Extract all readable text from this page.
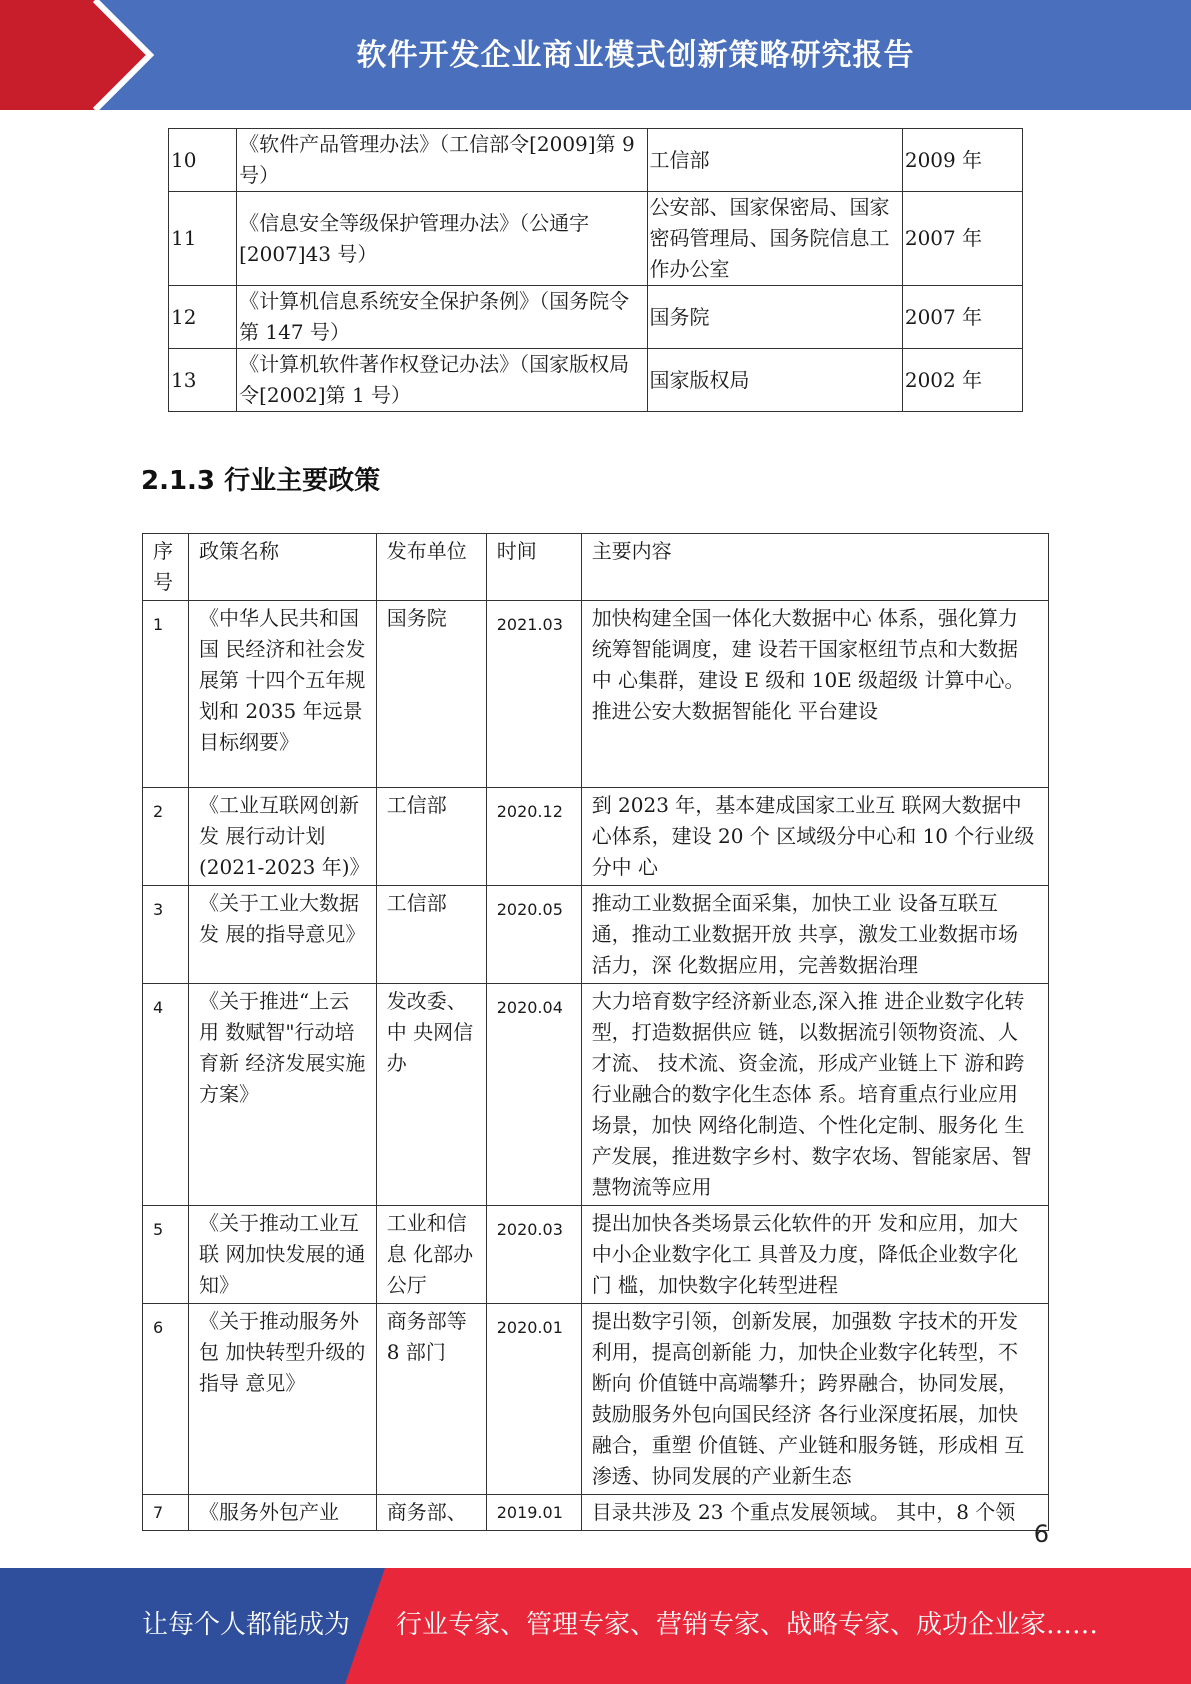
软件开发企业商业模式创新策略研究报告
10	《软件产品管理办法》（工信部令[2009]第 9 号）	工信部	2009 年
11	《信息安全等级保护管理办法》（公通字 [2007]43 号）	公安部、国家保密局、国家密码管理局、国务院信息工作办公室	2007 年
12	《计算机信息系统安全保护条例》（国务院令第 147 号）	国务院	2007 年
13	《计算机软件著作权登记办法》（国家版权局令[2002]第 1 号）	国家版权局	2002 年
2.1.3 行业主要政策
序号	政策名称	发布单位	时间	主要内容
1	《中华人民共和国国 民经济和社会发展第 十四个五年规划和 2035 年远景目标纲要》	国务院	2021.03	加快构建全国一体化大数据中心 体系，强化算力统筹智能调度，建 设若干国家枢纽节点和大数据中 心集群，建设 E 级和 10E 级超级 计算中心。推进公安大数据智能化 平台建设
2	《工业互联网创新发 展行动计划(2021-2023 年)》	工信部	2020.12	到 2023 年，基本建成国家工业互 联网大数据中心体系，建设 20 个 区域级分中心和 10 个行业级分中 心
3	《关于工业大数据发 展的指导意见》	工信部	2020.05	推动工业数据全面采集，加快工业 设备互联互通，推动工业数据开放 共享，激发工业数据市场活力，深 化数据应用，完善数据治理
4	《关于推进“上云用 数赋智"行动培育新 经济发展实施方案》	发改委、中 央网信办	2020.04	大力培育数字经济新业态,深入推 进企业数字化转型，打造数据供应 链，以数据流引领物资流、人才流、 技术流、资金流，形成产业链上下 游和跨行业融合的数字化生态体 系。培育重点行业应用场景，加快 网络化制造、个性化定制、服务化 生产发展，推进数字乡村、数字农场、智能家居、智慧物流等应用
5	《关于推动工业互联 网加快发展的通知》	工业和信息 化部办公厅	2020.03	提出加快各类场景云化软件的开 发和应用，加大中小企业数字化工 具普及力度，降低企业数字化门 槛，加快数字化转型进程
6	《关于推动服务外包 加快转型升级的指导 意见》	商务部等 8 部门	2020.01	提出数字引领，创新发展，加强数 字技术的开发利用，提高创新能 力，加快企业数字化转型，不断向 价值链中高端攀升；跨界融合，协同发展，鼓励服务外包向国民经济 各行业深度拓展，加快融合，重塑 价值链、产业链和服务链，形成相 互渗透、协同发展的产业新生态
7	《服务外包产业	商务部、	2019.01	目录共涉及 23 个重点发展领域。 其中，8 个领
6
让每个人都能成为 行业专家、管理专家、营销专家、战略专家、成功企业家……
